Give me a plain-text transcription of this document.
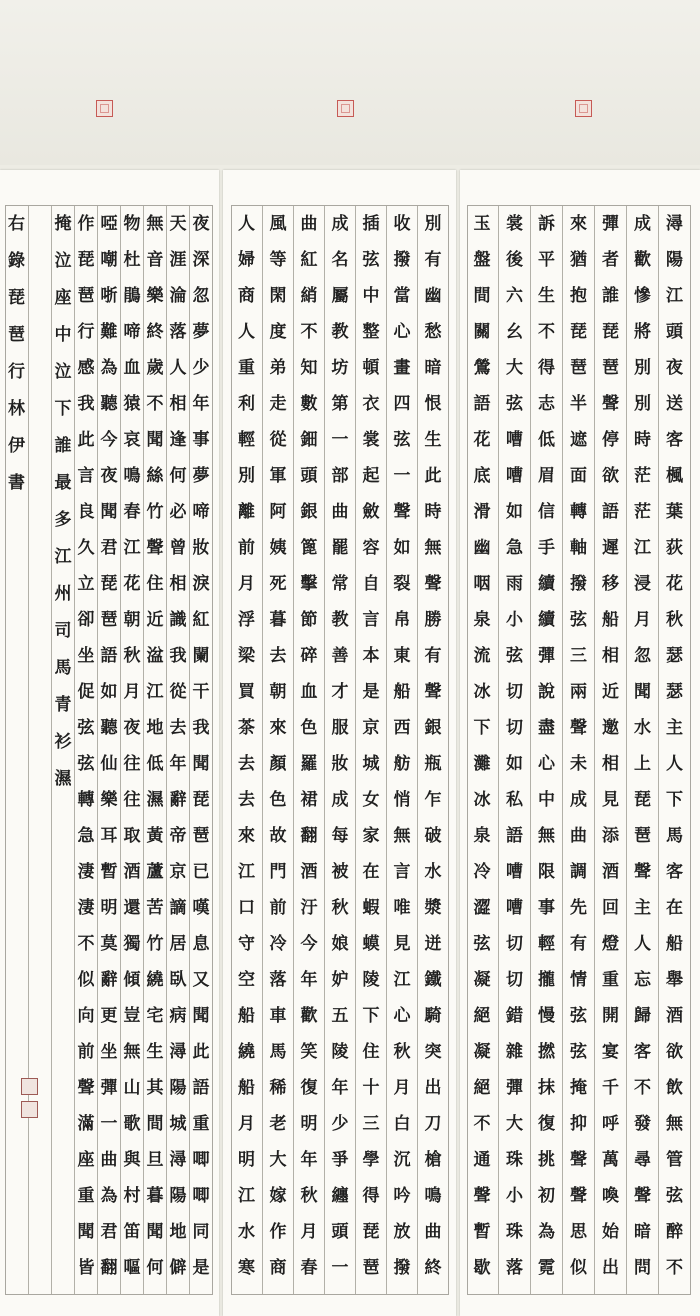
潯
陽
江
頭
夜
送
客
楓
葉
荻
花
秋
瑟
瑟
主
人
下
馬
客
在
船
舉
酒
欲
飲
無
管
弦
醉
不
成
歡
慘
將
別
別
時
茫
茫
江
浸
月
忽
聞
水
上
琵
琶
聲
主
人
忘
歸
客
不
發
尋
聲
暗
問
彈
者
誰
琵
琶
聲
停
欲
語
遲
移
船
相
近
邀
相
見
添
酒
回
燈
重
開
宴
千
呼
萬
喚
始
出
來
猶
抱
琵
琶
半
遮
面
轉
軸
撥
弦
三
兩
聲
未
成
曲
調
先
有
情
弦
弦
掩
抑
聲
聲
思
似
訴
平
生
不
得
志
低
眉
信
手
續
續
彈
說
盡
心
中
無
限
事
輕
攏
慢
撚
抹
復
挑
初
為
霓
裳
後
六
幺
大
弦
嘈
嘈
如
急
雨
小
弦
切
切
如
私
語
嘈
嘈
切
切
錯
雜
彈
大
珠
小
珠
落
玉
盤
間
關
鶯
語
花
底
滑
幽
咽
泉
流
冰
下
灘
冰
泉
冷
澀
弦
凝
絕
凝
絕
不
通
聲
暫
歇
別
有
幽
愁
暗
恨
生
此
時
無
聲
勝
有
聲
銀
瓶
乍
破
水
漿
迸
鐵
騎
突
出
刀
槍
鳴
曲
終
收
撥
當
心
畫
四
弦
一
聲
如
裂
帛
東
船
西
舫
悄
無
言
唯
見
江
心
秋
月
白
沉
吟
放
撥
插
弦
中
整
頓
衣
裳
起
斂
容
自
言
本
是
京
城
女
家
在
蝦
蟆
陵
下
住
十
三
學
得
琵
琶
成
名
屬
教
坊
第
一
部
曲
罷
常
教
善
才
服
妝
成
每
被
秋
娘
妒
五
陵
年
少
爭
纏
頭
一
曲
紅
綃
不
知
數
鈿
頭
銀
篦
擊
節
碎
血
色
羅
裙
翻
酒
汙
今
年
歡
笑
復
明
年
秋
月
春
風
等
閑
度
弟
走
從
軍
阿
姨
死
暮
去
朝
來
顏
色
故
門
前
冷
落
車
馬
稀
老
大
嫁
作
商
人
婦
商
人
重
利
輕
別
離
前
月
浮
梁
買
茶
去
去
來
江
口
守
空
船
繞
船
月
明
江
水
寒
夜
深
忽
夢
少
年
事
夢
啼
妝
淚
紅
闌
干
我
聞
琵
琶
已
嘆
息
又
聞
此
語
重
唧
唧
同
是
天
涯
淪
落
人
相
逢
何
必
曾
相
識
我
從
去
年
辭
帝
京
謫
居
臥
病
潯
陽
城
潯
陽
地
僻
無
音
樂
終
歲
不
聞
絲
竹
聲
住
近
湓
江
地
低
濕
黃
蘆
苦
竹
繞
宅
生
其
間
旦
暮
聞
何
物
杜
鵑
啼
血
猿
哀
鳴
春
江
花
朝
秋
月
夜
往
往
取
酒
還
獨
傾
豈
無
山
歌
與
村
笛
嘔
啞
嘲
哳
難
為
聽
今
夜
聞
君
琵
琶
語
如
聽
仙
樂
耳
暫
明
莫
辭
更
坐
彈
一
曲
為
君
翻
作
琵
琶
行
感
我
此
言
良
久
立
卻
坐
促
弦
弦
轉
急
淒
淒
不
似
向
前
聲
滿
座
重
聞
皆
掩
泣
座
中
泣
下
誰
最
多
江
州
司
馬
青
衫
濕
右
錄
琵
琶
行
林
伊
書
